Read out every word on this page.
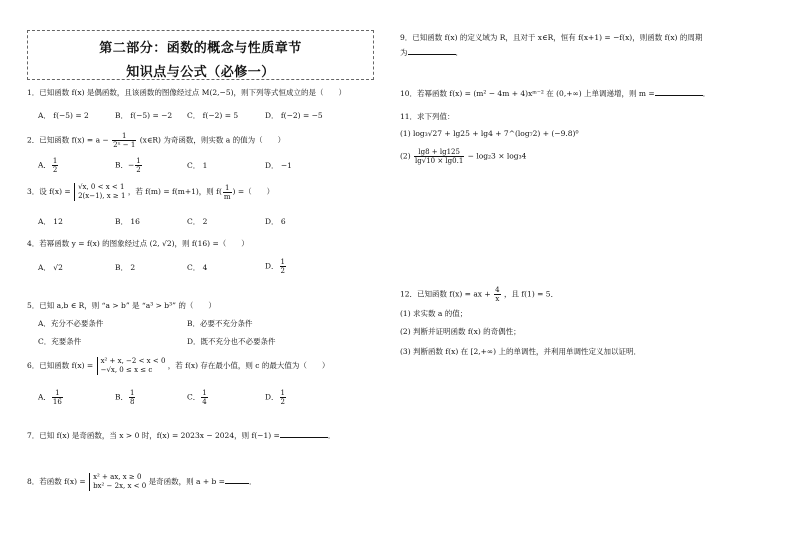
第二部分：函数的概念与性质章节
知识点与公式（必修一）
1．已知函数 f(x) 是偶函数，且该函数的图像经过点 M(2,−5)，则下列等式恒成立的是（　　）
A． f(−5) = 2	B． f(−5) = −2 C． f(−2) = 5	D． f(−2) = −5
2．已知函数 $f(x) = a - \frac{1}{\text{2ˣ − 1}}$ (x∈R) 为奇函数，则实数 a 的值为（　　）
A． $\frac{1}{2}$	B．− $\frac{1}{2}$	C． 1	D． −1
3．设 f(x) = √x, 0 < x < 1
2(x−1), x ≥ 1 ，若 f(m) = f(m+1)，则 $f( \frac{1}{m}$ ) =（　　）
A． 12	B． 16	C． 2	D． 6
4．若幂函数 y = f(x) 的图象经过点 (2, √2)，则 f(16) =（　　）
A． √2	B． 2	C． 4	D． $\frac{1}{2}$
5．已知 a,b ∈ R，则 “a > b” 是 “a³ > b³” 的（　　）
A．充分不必要条件	B．必要不充分条件
C．充要条件	D．既不充分也不必要条件
6．已知函数 f(x) = x² + x, −2 < x < 0
−√x, 0 ≤ x ≤ c	，若 f(x) 存在最小值，则 c 的最大值为（　　）
A． $\frac{1}{16}$	B． $\frac{1}{8}$	C． $\frac{1}{4}$	D． $\frac{1}{2}$
7．已知 f(x) 是奇函数，当 x > 0 时，f(x) = 2023x − 2024，则 f(−1) =	．
8．若函数 f(x) = x² + ax, x ≥ 0
bx² − 2x, x < 0 是奇函数，则 a + b =	．
9．已知函数 f(x) 的定义域为 R，且对于 x∈R，恒有 f(x+1) = −f(x)，则函数 f(x) 的周期
为	．
10．若幂函数 f(x) = (m² − 4m + 4)xᵐ⁻² 在 (0,+∞) 上单调递增，则 m =	．
11．求下列值：
(1) log₃√27 + lg25 + lg4 + 7^(log₇2) + (−9.8)⁰
$(2) \frac{\lg 8 + \lg 125}{\lg√10 \times \lg 0.1} - \log_23 \times \log_34$
12．已知函数 f(x) = ax + $\frac{4}{x}$ ，且 f(1) = 5．
(1) 求实数 a 的值；
(2) 判断并证明函数 f(x) 的奇偶性；
(3) 判断函数 f(x) 在 [2,+∞) 上的单调性，并利用单调性定义加以证明．
